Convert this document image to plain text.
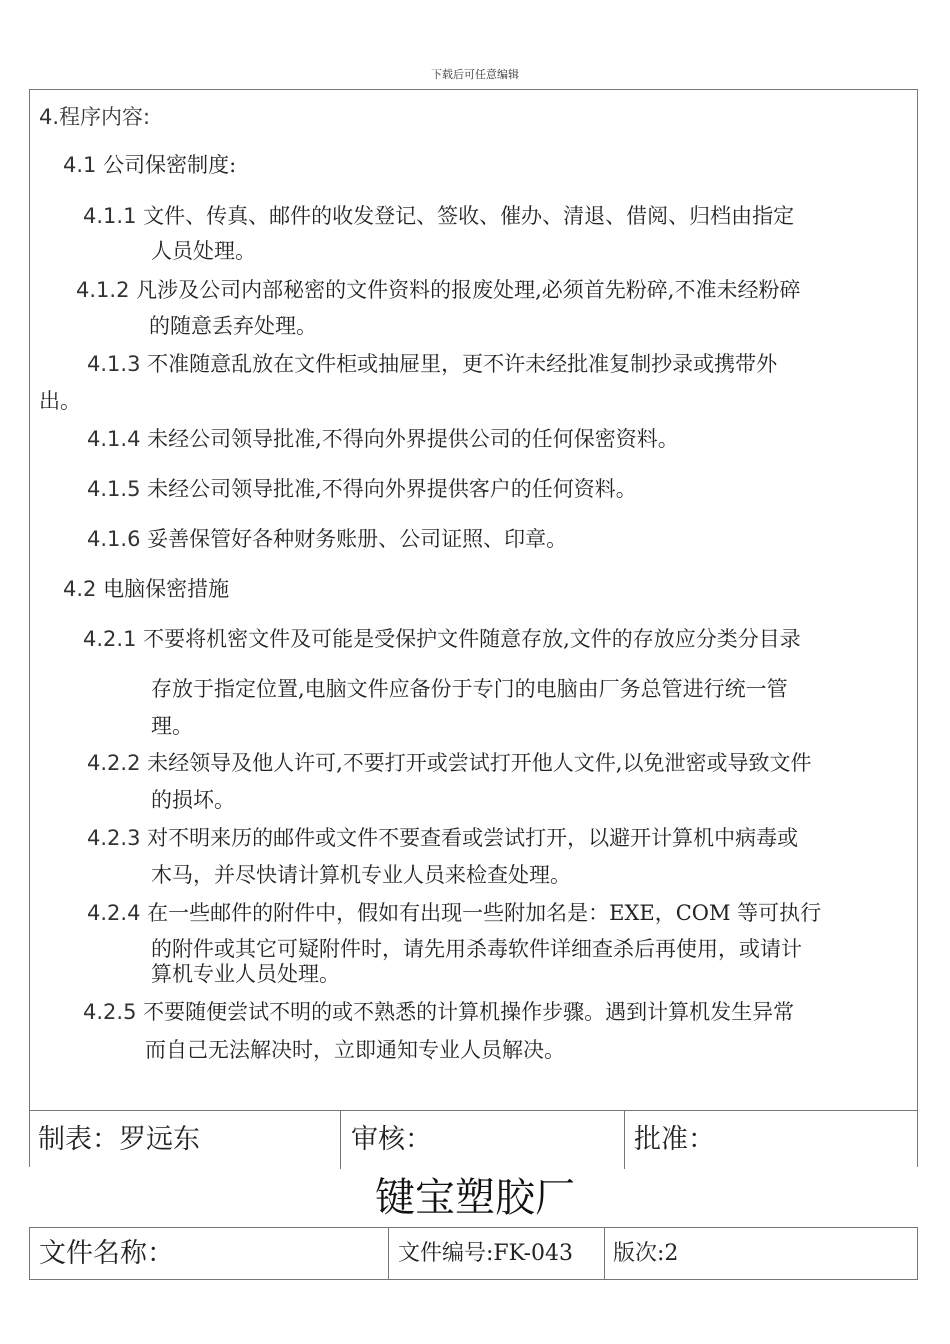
下载后可任意编辑
4.程序内容:
4.1 公司保密制度:
4.1.1 文件、传真、邮件的收发登记、签收、催办、清退、借阅、归档由指定
人员处理。
4.1.2 凡涉及公司内部秘密的文件资料的报废处理,必须首先粉碎,不准未经粉碎
的随意丢弃处理。
4.1.3 不准随意乱放在文件柜或抽屉里，更不许未经批准复制抄录或携带外
出。
4.1.4 未经公司领导批准,不得向外界提供公司的任何保密资料。
4.1.5 未经公司领导批准,不得向外界提供客户的任何资料。
4.1.6 妥善保管好各种财务账册、公司证照、印章。
4.2 电脑保密措施
4.2.1 不要将机密文件及可能是受保护文件随意存放,文件的存放应分类分目录
存放于指定位置,电脑文件应备份于专门的电脑由厂务总管进行统一管
理。
4.2.2 未经领导及他人许可,不要打开或尝试打开他人文件,以免泄密或导致文件
的损坏。
4.2.3 对不明来历的邮件或文件不要查看或尝试打开，以避开计算机中病毒或
木马，并尽快请计算机专业人员来检查处理。
4.2.4 在一些邮件的附件中，假如有出现一些附加名是：EXE，COM 等可执行
的附件或其它可疑附件时，请先用杀毒软件详细查杀后再使用，或请计
算机专业人员处理。
4.2.5 不要随便尝试不明的或不熟悉的计算机操作步骤。遇到计算机发生异常
而自己无法解决时，立即通知专业人员解决。
制表：罗远东	审核：	批准：
键宝塑胶厂
文件名称：	文件编号:FK-043 版次:2
